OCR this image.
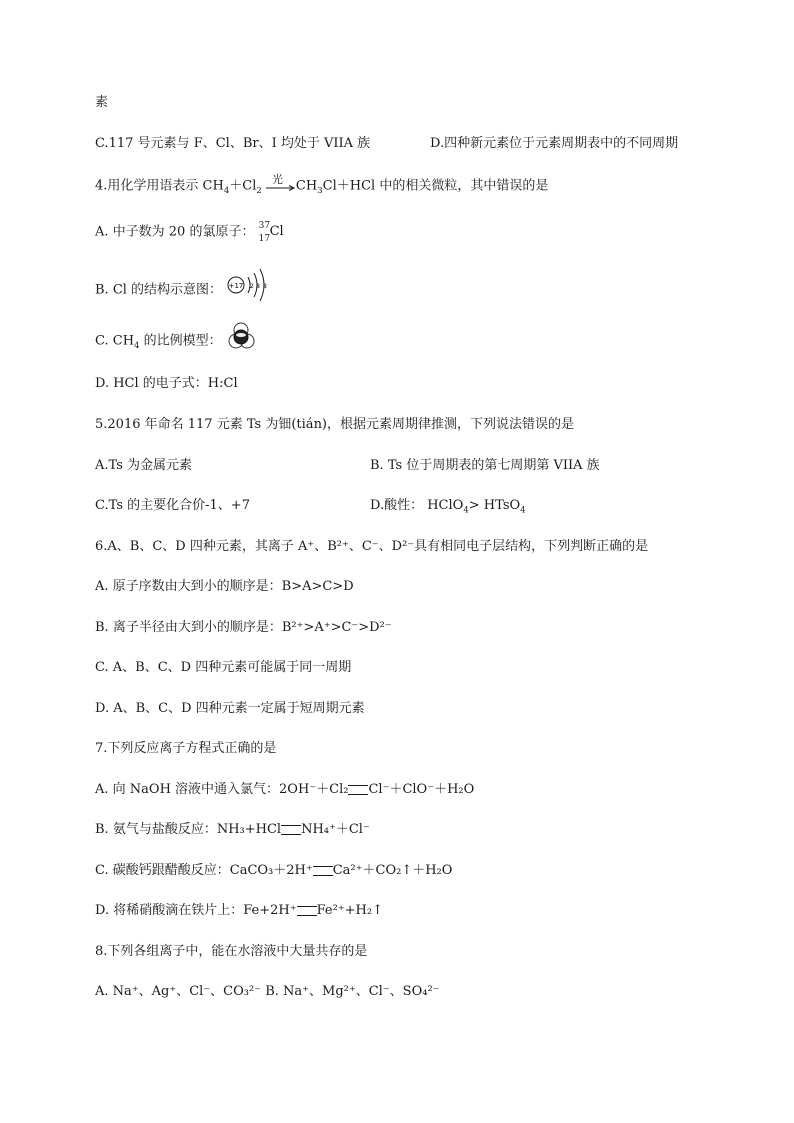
素
C.117 号元素与 F、Cl、Br、I 均处于 VIIA 族	D.四种新元素位于元素周期表中的不同周期
4.用化学用语表示 $CH_4+Cl_2$
光 $CH_3Cl+HCl$ 中的相关微粒，其中错误的是
A. 中子数为 20 的氯原子： 37
17 Cl
B. Cl 的结构示意图： +17 2 8 8
C. $CH_4$ 的比例模型：
D. HCl 的电子式：H:Cl
5.2016 年命名 117 元素 Ts 为钿(tián)，根据元素周期律推测，下列说法错误的是
A.Ts 为金属元素	B. Ts 位于周期表的第七周期第 VIIA 族
C.Ts 的主要化合价-1、+7	D.酸性： HClO$_4$> HTsO$_4$
6.A、B、C、D 四种元素，其离子 A⁺、B²⁺、C⁻、D²⁻具有相同电子层结构，下列判断正确的是
A. 原子序数由大到小的顺序是：B>A>C>D
B. 离子半径由大到小的顺序是：B²⁺>A⁺>C⁻>D²⁻
C. A、B、C、D 四种元素可能属于同一周期
D. A、B、C、D 四种元素一定属于短周期元素
7.下列反应离子方程式正确的是
A. 向 NaOH 溶液中通入氯气：2OH⁻＋Cl₂ Cl⁻＋ClO⁻＋H₂O
B. 氨气与盐酸反应：NH₃+HCl NH₄⁺＋Cl⁻
C. 碳酸钙跟醋酸反应：CaCO₃＋2H⁺ Ca²⁺＋CO₂↑＋H₂O
D. 将稀硝酸滴在铁片上：Fe+2H⁺ Fe²⁺+H₂↑
8.下列各组离子中，能在水溶液中大量共存的是
A. Na⁺、Ag⁺、Cl⁻、CO₃²⁻ B. Na⁺、Mg²⁺、Cl⁻、SO₄²⁻
